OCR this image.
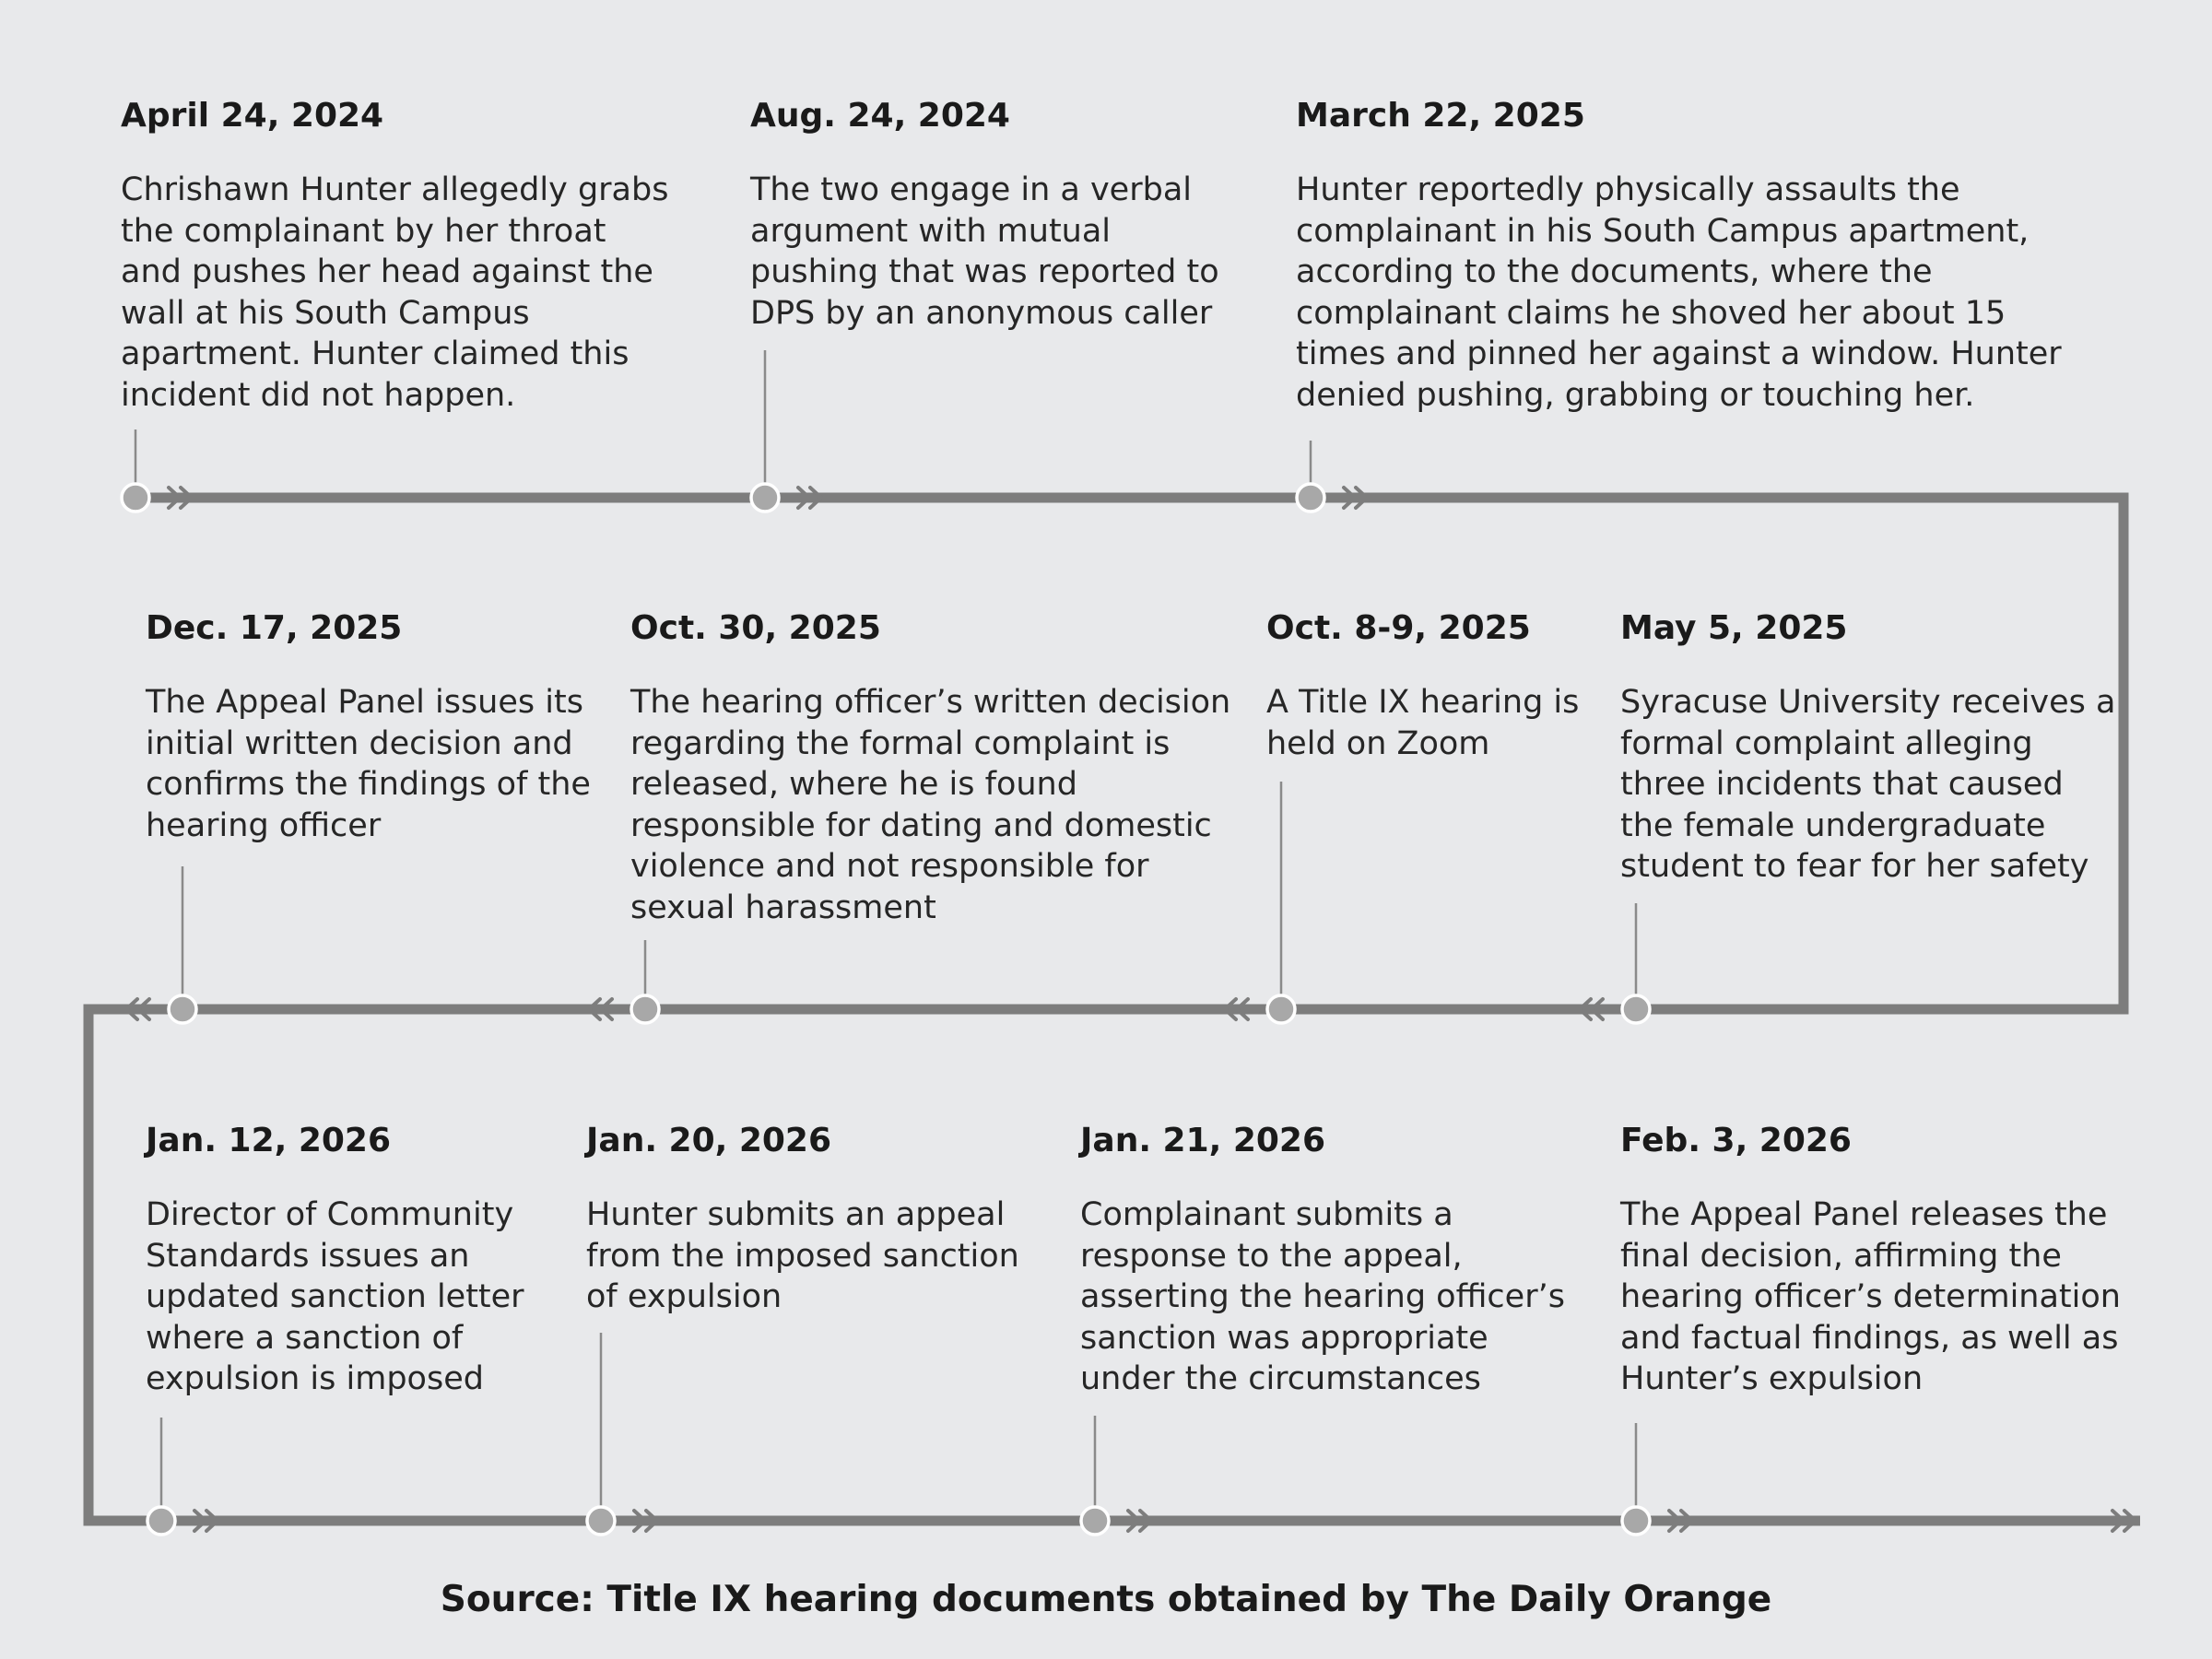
April 24, 2024
Chrishawn Hunter allegedly grabs the complainant by her throat and pushes her head against the wall at his South Campus apartment. Hunter claimed this incident did not happen.
Aug. 24, 2024
The two engage in a verbal argument with mutual pushing that was reported to DPS by an anonymous caller
March 22, 2025
Hunter reportedly physically assaults the complainant in his South Campus apartment, according to the documents, where the complainant claims he shoved her about 15 times and pinned her against a window. Hunter denied pushing, grabbing or touching her.
May 5, 2025
Syracuse University receives a formal complaint alleging three incidents that caused the female undergraduate student to fear for her safety
Oct. 8-9, 2025
A Title IX hearing is held on Zoom
Oct. 30, 2025
The hearing officer’s written decision regarding the formal complaint is released, where he is found responsible for dating and domestic violence and not responsible for sexual harassment
Dec. 17, 2025
The Appeal Panel issues its initial written decision and confirms the findings of the hearing officer
Jan. 12, 2026
Director of Community Standards issues an updated sanction letter where a sanction of expulsion is imposed
Jan. 20, 2026
Hunter submits an appeal from the imposed sanction of expulsion
Jan. 21, 2026
Complainant submits a response to the appeal, asserting the hearing officer’s sanction was appropriate under the circumstances
Feb. 3, 2026
The Appeal Panel releases the final decision, affirming the hearing officer’s determination and factual findings, as well as Hunter’s expulsion
Source: Title IX hearing documents obtained by The Daily Orange
